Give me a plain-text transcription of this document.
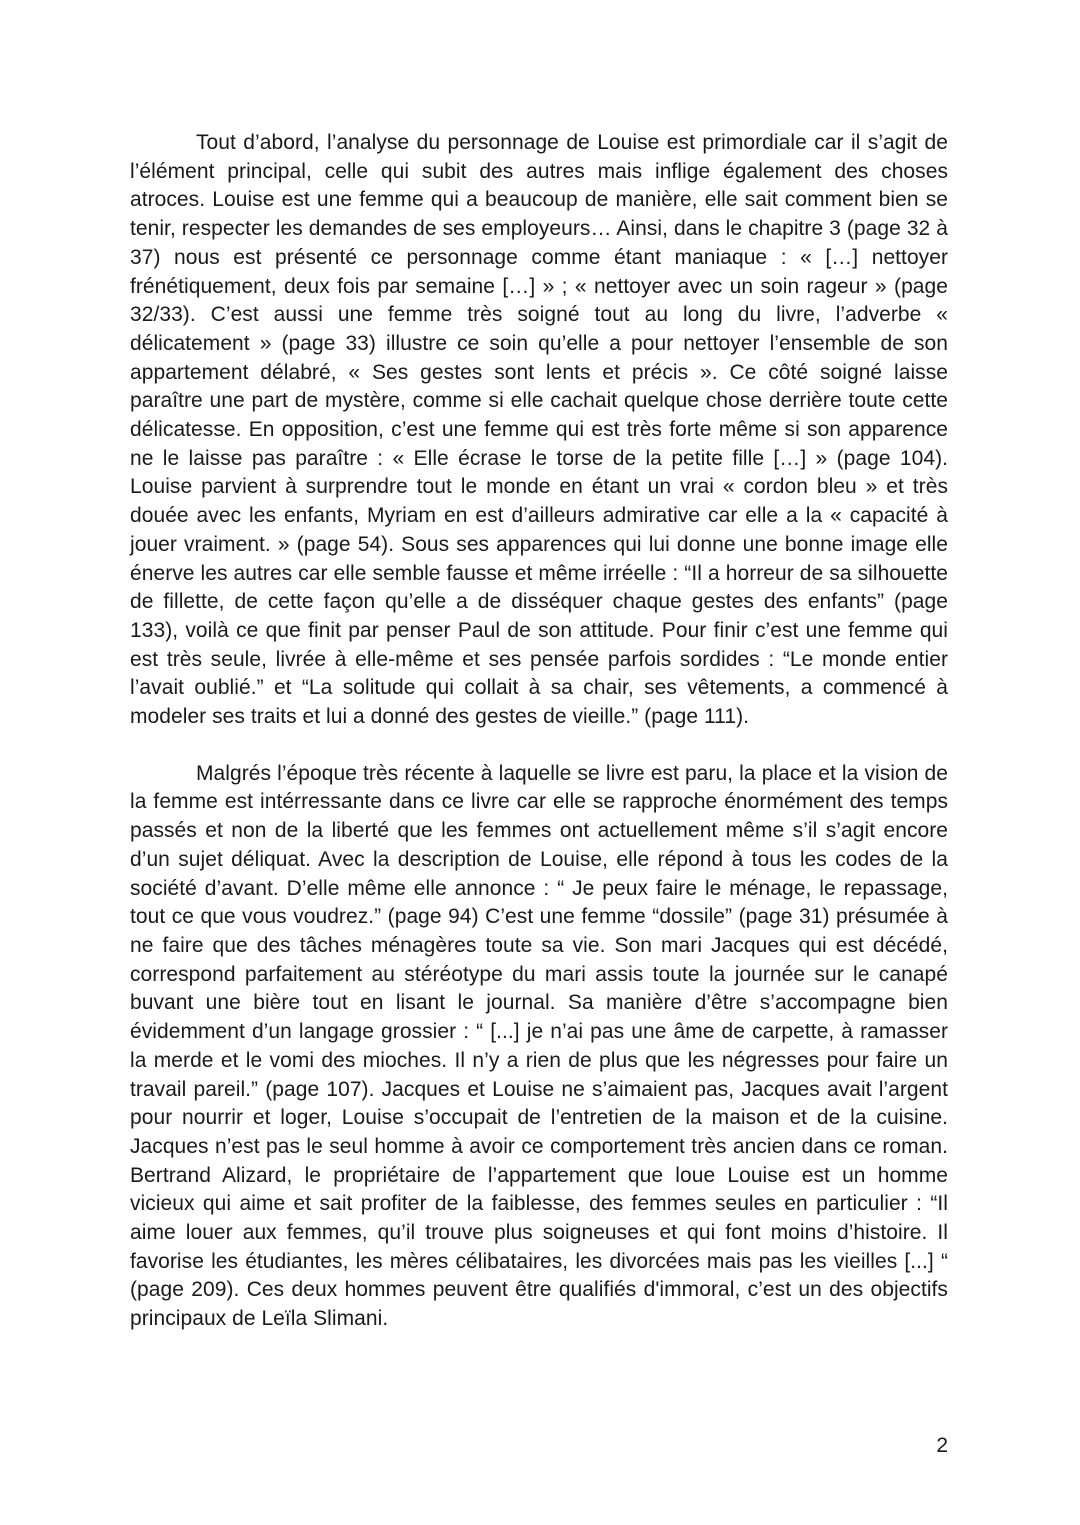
Tout d’abord, l’analyse du personnage de Louise est primordiale car il s’agit de l’élément principal, celle qui subit des autres mais inflige également des choses atroces. Louise est une femme qui a beaucoup de manière, elle sait comment bien se tenir, respecter les demandes de ses employeurs… Ainsi, dans le chapitre 3 (page 32 à 37) nous est présenté ce personnage comme étant maniaque : « […] nettoyer frénétiquement, deux fois par semaine […] » ; « nettoyer avec un soin rageur » (page 32/33). C’est aussi une femme très soigné tout au long du livre, l’adverbe « délicatement » (page 33) illustre ce soin qu’elle a pour nettoyer l’ensemble de son appartement délabré, « Ses gestes sont lents et précis ». Ce côté soigné laisse paraître une part de mystère, comme si elle cachait quelque chose derrière toute cette délicatesse. En opposition, c’est une femme qui est très forte même si son apparence ne le laisse pas paraître : « Elle écrase le torse de la petite fille […] » (page 104). Louise parvient à surprendre tout le monde en étant un vrai « cordon bleu » et très douée avec les enfants, Myriam en est d’ailleurs admirative car elle a la « capacité à jouer vraiment. » (page 54). Sous ses apparences qui lui donne une bonne image elle énerve les autres car elle semble fausse et même irréelle : “Il a horreur de sa silhouette de fillette, de cette façon qu’elle a de disséquer chaque gestes des enfants” (page 133), voilà ce que finit par penser Paul de son attitude. Pour finir c’est une femme qui est très seule, livrée à elle-même et ses pensée parfois sordides : “Le monde entier l’avait oublié.” et “La solitude qui collait à sa chair, ses vêtements, a commencé à modeler ses traits et lui a donné des gestes de vieille.” (page 111).

Malgrés l’époque très récente à laquelle se livre est paru, la place et la vision de la femme est intérressante dans ce livre car elle se rapproche énormément des temps passés et non de la liberté que les femmes ont actuellement même s’il s’agit encore d’un sujet déliquat. Avec la description de Louise, elle répond à tous les codes de la société d’avant. D’elle même elle annonce : “ Je peux faire le ménage, le repassage, tout ce que vous voudrez.” (page 94) C’est une femme “dossile” (page 31) présumée à ne faire que des tâches ménagères toute sa vie. Son mari Jacques qui est décédé, correspond parfaitement au stéréotype du mari assis toute la journée sur le canapé buvant une bière tout en lisant le journal. Sa manière d’être s’accompagne bien évidemment d’un langage grossier : “ [...] je n’ai pas une âme de carpette, à ramasser la merde et le vomi des mioches. Il n’y a rien de plus que les négresses pour faire un travail pareil.” (page 107). Jacques et Louise ne s’aimaient pas, Jacques avait l’argent pour nourrir et loger, Louise s’occupait de l’entretien de la maison et de la cuisine. Jacques n’est pas le seul homme à avoir ce comportement très ancien dans ce roman. Bertrand Alizard, le propriétaire de l’appartement que loue Louise est un homme vicieux qui aime et sait profiter de la faiblesse, des femmes seules en particulier : “Il aime louer aux femmes, qu’il trouve plus soigneuses et qui font moins d’histoire. Il favorise les étudiantes, les mères célibataires, les divorcées mais pas les vieilles [...] “ (page 209). Ces deux hommes peuvent être qualifiés d'immoral, c’est un des objectifs principaux de Leïla Slimani.

2
